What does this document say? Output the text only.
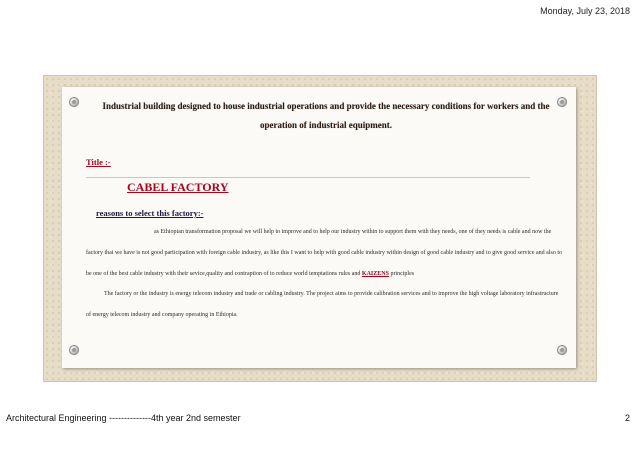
Monday, July 23, 2018
Industrial building designed to house industrial operations and provide the necessary conditions for workers and the operation of industrial equipment.
Title :-
CABEL FACTORY
reasons to select this factory:-

as Ethiopian transformation proposal we will help to improve and to help our industry within to support them with they needs, one of they needs is cable and now the factory that we have is not good participation with foreign cable industry, as like this I want to help with good cable industry within design of good cable industry and to give good service and also to be one of the best cable industry with their sevice,quality and contraption of to reduce world temptations rules and KAIZENS principles

The factory or the industry is energy telecom industry and trade or cabling industry. The project aims to provide calibration services and to improve the high voltage laboratory infrastructure of energy telecom industry and company operating in Ethiopia.

Architectural Engineering --------------4th year 2nd semester	2
